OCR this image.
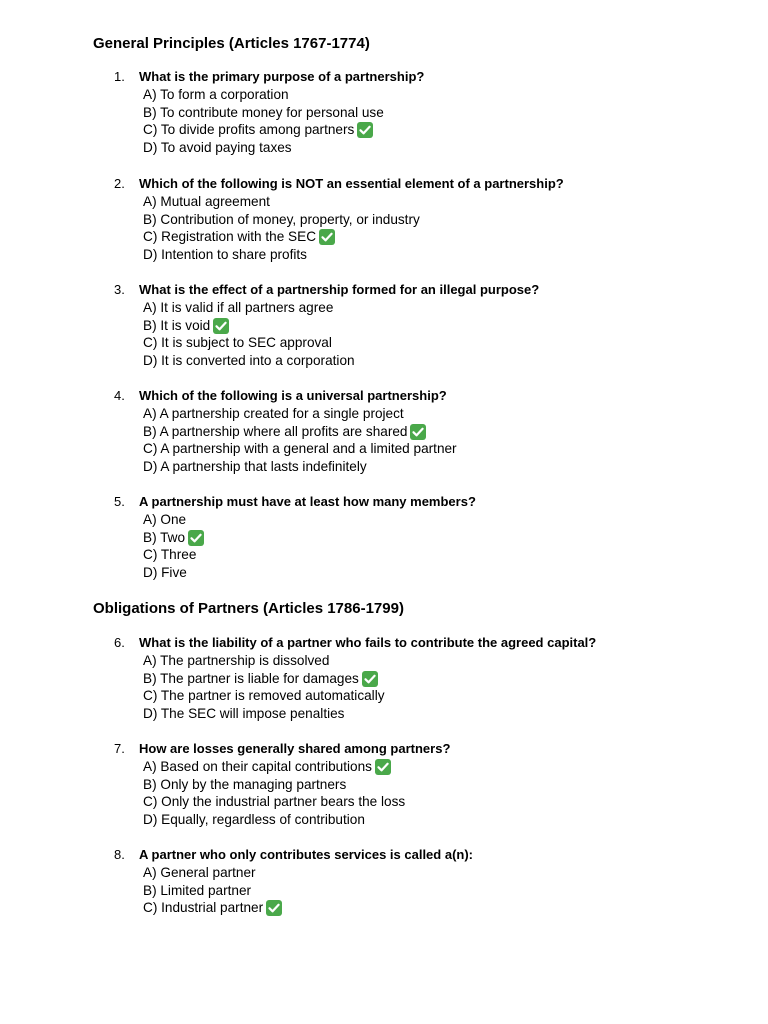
General Principles (Articles 1767-1774)
1. What is the primary purpose of a partnership?
A) To form a corporation
B) To contribute money for personal use
C) To divide profits among partners
D) To avoid paying taxes
2. Which of the following is NOT an essential element of a partnership?
A) Mutual agreement
B) Contribution of money, property, or industry
C) Registration with the SEC
D) Intention to share profits
3. What is the effect of a partnership formed for an illegal purpose?
A) It is valid if all partners agree
B) It is void
C) It is subject to SEC approval
D) It is converted into a corporation
4. Which of the following is a universal partnership?
A) A partnership created for a single project
B) A partnership where all profits are shared
C) A partnership with a general and a limited partner
D) A partnership that lasts indefinitely
5. A partnership must have at least how many members?
A) One
B) Two
C) Three
D) Five
Obligations of Partners (Articles 1786-1799)
6. What is the liability of a partner who fails to contribute the agreed capital?
A) The partnership is dissolved
B) The partner is liable for damages
C) The partner is removed automatically
D) The SEC will impose penalties
7. How are losses generally shared among partners?
A) Based on their capital contributions
B) Only by the managing partners
C) Only the industrial partner bears the loss
D) Equally, regardless of contribution
8. A partner who only contributes services is called a(n):
A) General partner
B) Limited partner
C) Industrial partner
